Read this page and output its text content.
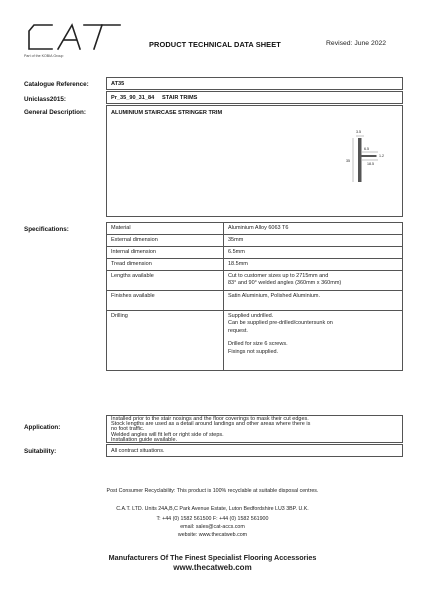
Part of the KOBIA Group
PRODUCT TECHNICAL DATA SHEET	Revised: June 2022
Catalogue Reference:	AT35
Uniclass2015:	Pr_35_90_31_84     STAIR TRIMS
General Description:	ALUMINIUM STAIRCASE STRINGER TRIM
3.5
6.5
1.2
18.5
35
Specifications:	Material	Aluminium Alloy 6063 T6

External dimension	35mm

Internal dimension	6.5mm

Tread dimension	18.5mm

Lengths available	Cut to customer sizes up to 2715mm and
83° and 90° welded angles (360mm x 360mm)

Finishes available	Satin Aluminium, Polished Aluminium.

Drilling	Supplied undrilled.
Can be supplied pre-drilled/countersunk on
request.
Drilled for size 6 screws.
Fixings not supplied.
Application:
Installed prior to the stair nosings and the floor coverings to mask their cut edges.
Stock lengths are used as a detail around landings and other areas where there is
no foot traffic.
Welded angles will fit left or right side of steps.
Installation guide available.
Suitability:	All contract situations.
Post Consumer Recyclability: This product is 100% recyclable at suitable disposal centres.
C.A.T. LTD. Units 24A,B,C Park Avenue Estate, Luton Bedfordshire LU3 3BP. U.K.
T: +44 (0) 1582 561500 F: +44 (0) 1582 561900
email: sales@cat-accs.com
website: www.thecatweb.com
Manufacturers Of The Finest Specialist Flooring Accessories
www.thecatweb.com
